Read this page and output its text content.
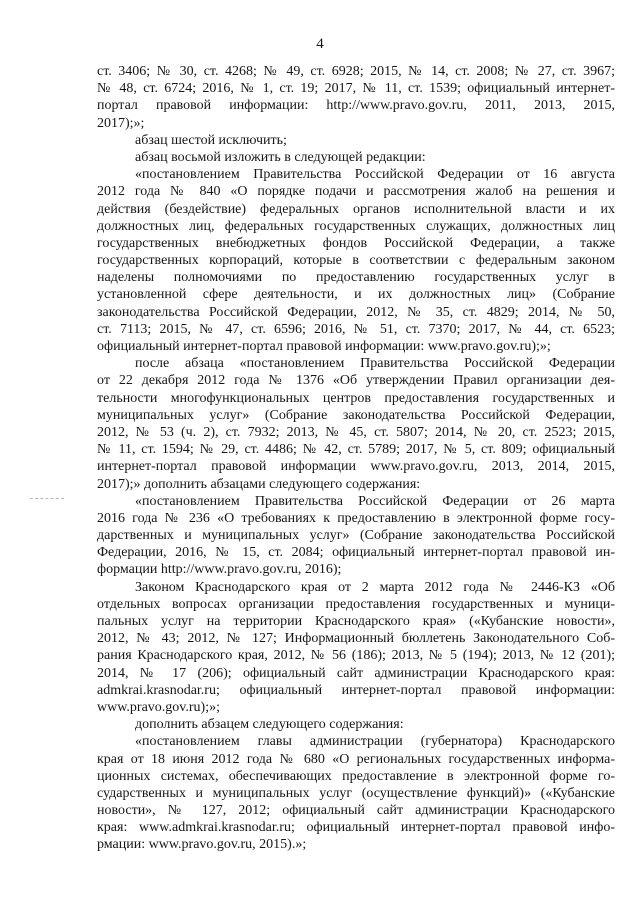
4
ст. 3406; № 30, ст. 4268; № 49, ст. 6928; 2015, № 14, ст. 2008; № 27, ст. 3967;
№ 48, ст. 6724; 2016, № 1, ст. 19; 2017, № 11, ст. 1539; официальный интернет-
портал правовой информации: http://www.pravo.gov.ru, 2011, 2013, 2015,
2017);»;
абзац шестой исключить;
абзац восьмой изложить в следующей редакции:
«постановлением Правительства Российской Федерации от 16 августа
2012 года № 840 «О порядке подачи и рассмотрения жалоб на решения и
действия (бездействие) федеральных органов исполнительной власти и их
должностных лиц, федеральных государственных служащих, должностных лиц
государственных внебюджетных фондов Российской Федерации, а также
государственных корпораций, которые в соответствии с федеральным законом
наделены полномочиями по предоставлению государственных услуг в
установленной сфере деятельности, и их должностных лиц» (Собрание
законодательства Российской Федерации, 2012, № 35, ст. 4829; 2014, № 50,
ст. 7113; 2015, № 47, ст. 6596; 2016, № 51, ст. 7370; 2017, № 44, ст. 6523;
официальный интернет-портал правовой информации: www.pravo.gov.ru);»;
после абзаца «постановлением Правительства Российской Федерации
от 22 декабря 2012 года № 1376 «Об утверждении Правил организации дея-
тельности многофункциональных центров предоставления государственных и
муниципальных услуг» (Собрание законодательства Российской Федерации,
2012, № 53 (ч. 2), ст. 7932; 2013, № 45, ст. 5807; 2014, № 20, ст. 2523; 2015,
№ 11, ст. 1594; № 29, ст. 4486; № 42, ст. 5789; 2017, № 5, ст. 809; официальный
интернет-портал правовой информации www.pravo.gov.ru, 2013, 2014, 2015,
2017);» дополнить абзацами следующего содержания:
«постановлением Правительства Российской Федерации от 26 марта
2016 года № 236 «О требованиях к предоставлению в электронной форме госу-
дарственных и муниципальных услуг» (Собрание законодательства Российской
Федерации, 2016, № 15, ст. 2084; официальный интернет-портал правовой ин-
формации http://www.pravo.gov.ru, 2016);
Законом Краснодарского края от 2 марта 2012 года № 2446-КЗ «Об
отдельных вопросах организации предоставления государственных и муници-
пальных услуг на территории Краснодарского края» («Кубанские новости»,
2012, № 43; 2012, № 127; Информационный бюллетень Законодательного Соб-
рания Краснодарского края, 2012, № 56 (186); 2013, № 5 (194); 2013, № 12 (201);
2014, № 17 (206); официальный сайт администрации Краснодарского края:
admkrai.krasnodar.ru; официальный интернет-портал правовой информации:
www.pravo.gov.ru);»;
дополнить абзацем следующего содержания:
«постановлением главы администрации (губернатора) Краснодарского
края от 18 июня 2012 года № 680 «О региональных государственных информа-
ционных системах, обеспечивающих предоставление в электронной форме го-
сударственных и муниципальных услуг (осуществление функций)» («Кубанские
новости», № 127, 2012; официальный сайт администрации Краснодарского
края: www.admkrai.krasnodar.ru; официальный интернет-портал правовой инфо-
рмации: www.pravo.gov.ru, 2015).»;
